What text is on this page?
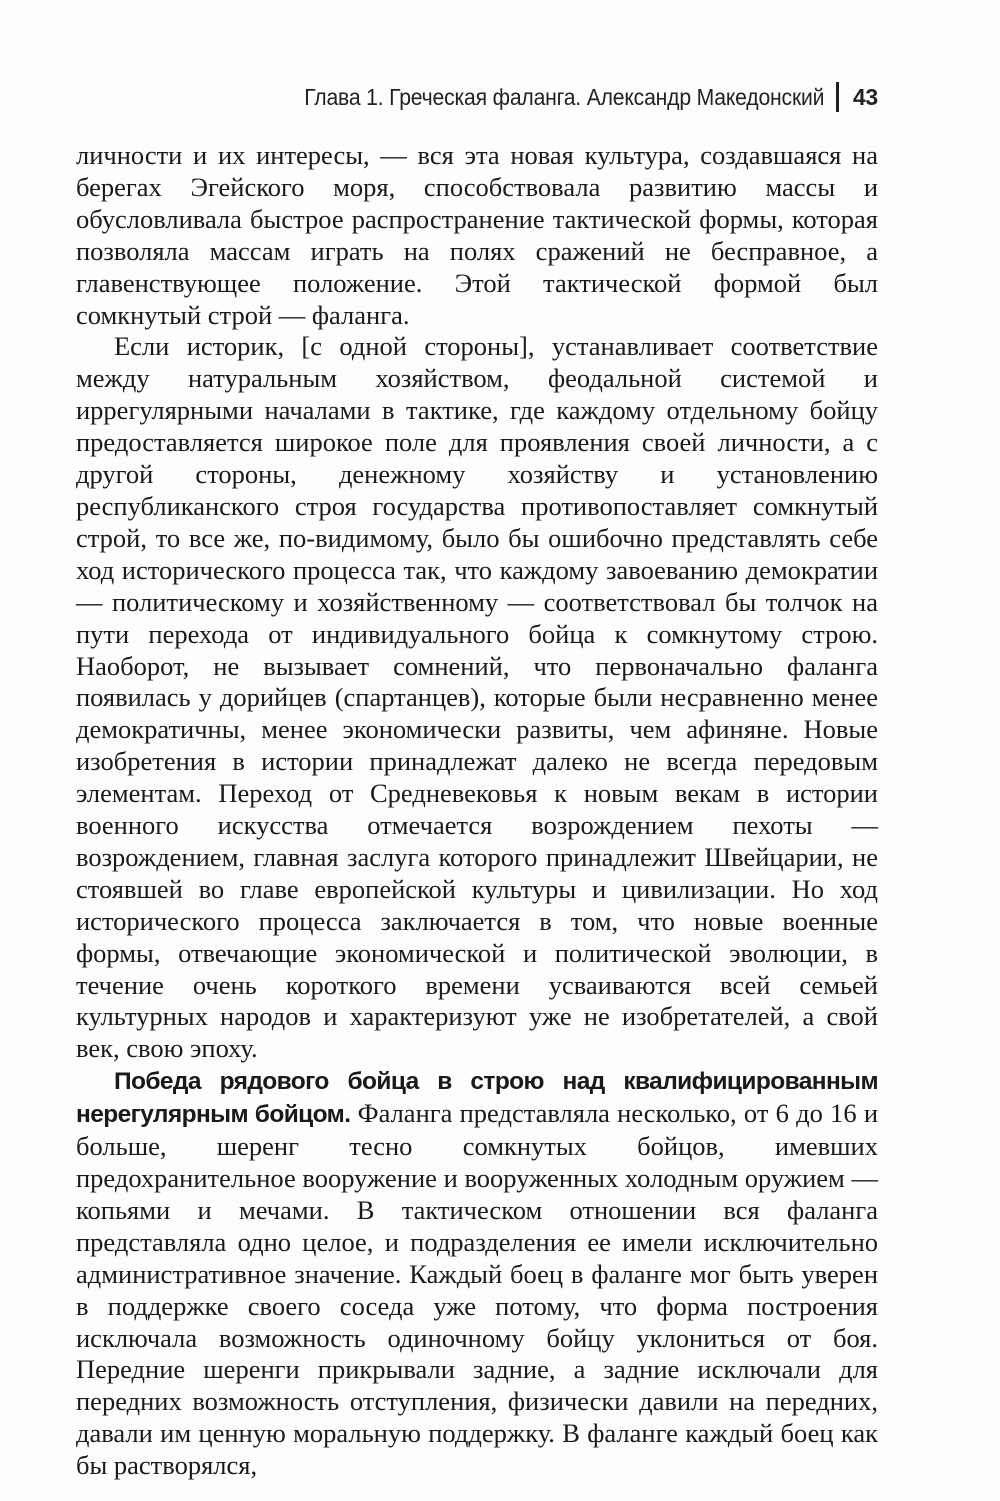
Глава 1. Греческая фаланга. Александр Македонский 43

личности и их интересы, — вся эта новая культура, создавшаяся на берегах Эгейского моря, способствовала развитию массы и обусловливала быстрое распространение тактической формы, которая позволяла массам играть на полях сражений не бесправное, а главенствующее положение. Этой тактической формой был сомкнутый строй — фаланга.

Если историк, [с одной стороны], устанавливает соответствие между натуральным хозяйством, феодальной системой и иррегулярными началами в тактике, где каждому отдельному бойцу предоставляется широкое поле для проявления своей личности, а с другой стороны, денежному хозяйству и установлению республиканского строя государства противопоставляет сомкнутый строй, то все же, по-видимому, было бы ошибочно представлять себе ход исторического процесса так, что каждому завоеванию демократии — политическому и хозяйственному — соответствовал бы толчок на пути перехода от индивидуального бойца к сомкнутому строю. Наоборот, не вызывает сомнений, что первоначально фаланга появилась у дорийцев (спартанцев), которые были несравненно менее демократичны, менее экономически развиты, чем афиняне. Новые изобретения в истории принадлежат далеко не всегда передовым элементам. Переход от Средневековья к новым векам в истории военного искусства отмечается возрождением пехоты — возрождением, главная заслуга которого принадлежит Швейцарии, не стоявшей во главе европейской культуры и цивилизации. Но ход исторического процесса заключается в том, что новые военные формы, отвечающие экономической и политической эволюции, в течение очень короткого времени усваиваются всей семьей культурных народов и характеризуют уже не изобретателей, а свой век, свою эпоху.

Победа рядового бойца в строю над квалифицированным нерегулярным бойцом. Фаланга представляла несколько, от 6 до 16 и больше, шеренг тесно сомкнутых бойцов, имевших предохранительное вооружение и вооруженных холодным оружием — копьями и мечами. В тактическом отношении вся фаланга представляла одно целое, и подразделения ее имели исключительно административное значение. Каждый боец в фаланге мог быть уверен в поддержке своего соседа уже потому, что форма построения исключала возможность одиночному бойцу уклониться от боя. Передние шеренги прикрывали задние, а задние исключали для передних возможность отступления, физически давили на передних, давали им ценную моральную поддержку. В фаланге каждый боец как бы растворялся,
